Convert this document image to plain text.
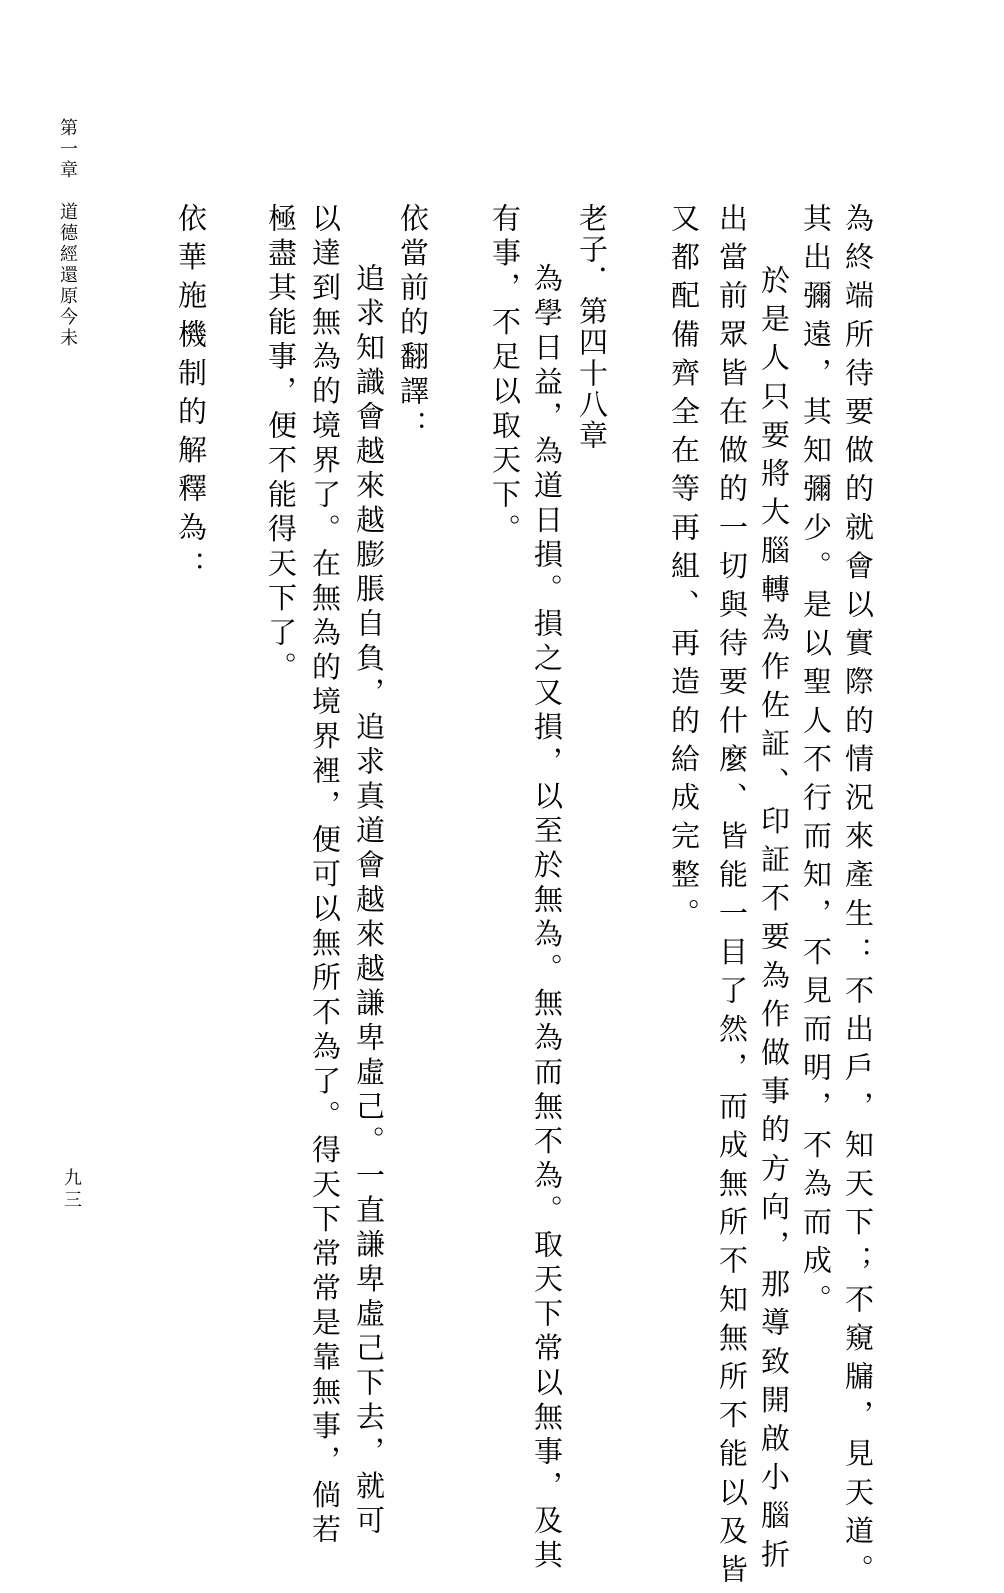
第一章　道德經還原今未	為終端所待要做的就會以實際的情況來產生：不出戶，知天下；不窺牖，見天道。
其出彌遠，其知彌少。是以聖人不行而知，不見而明，不為而成。
於是人只要將大腦轉為作佐証、印証不要為作做事的方向，那導致開啟小腦折
出當前眾皆在做的一切與待要什麼、皆能一目了然，而成無所不知無所不能以及皆
又都配備齊全在等再組、再造的給成完整。
老子．第四十八章
為學日益，為道日損。損之又損，以至於無為。無為而無不為。取天下常以無事，及其
有事，不足以取天下。
依當前的翻譯：
追求知識會越來越膨脹自負，追求真道會越來越謙卑虛己。一直謙卑虛己下去，就可
以達到無為的境界了。在無為的境界裡，便可以無所不為了。得天下常常是靠無事，倘若
極盡其能事，便不能得天下了。
依華施機制的解釋為：
九三
